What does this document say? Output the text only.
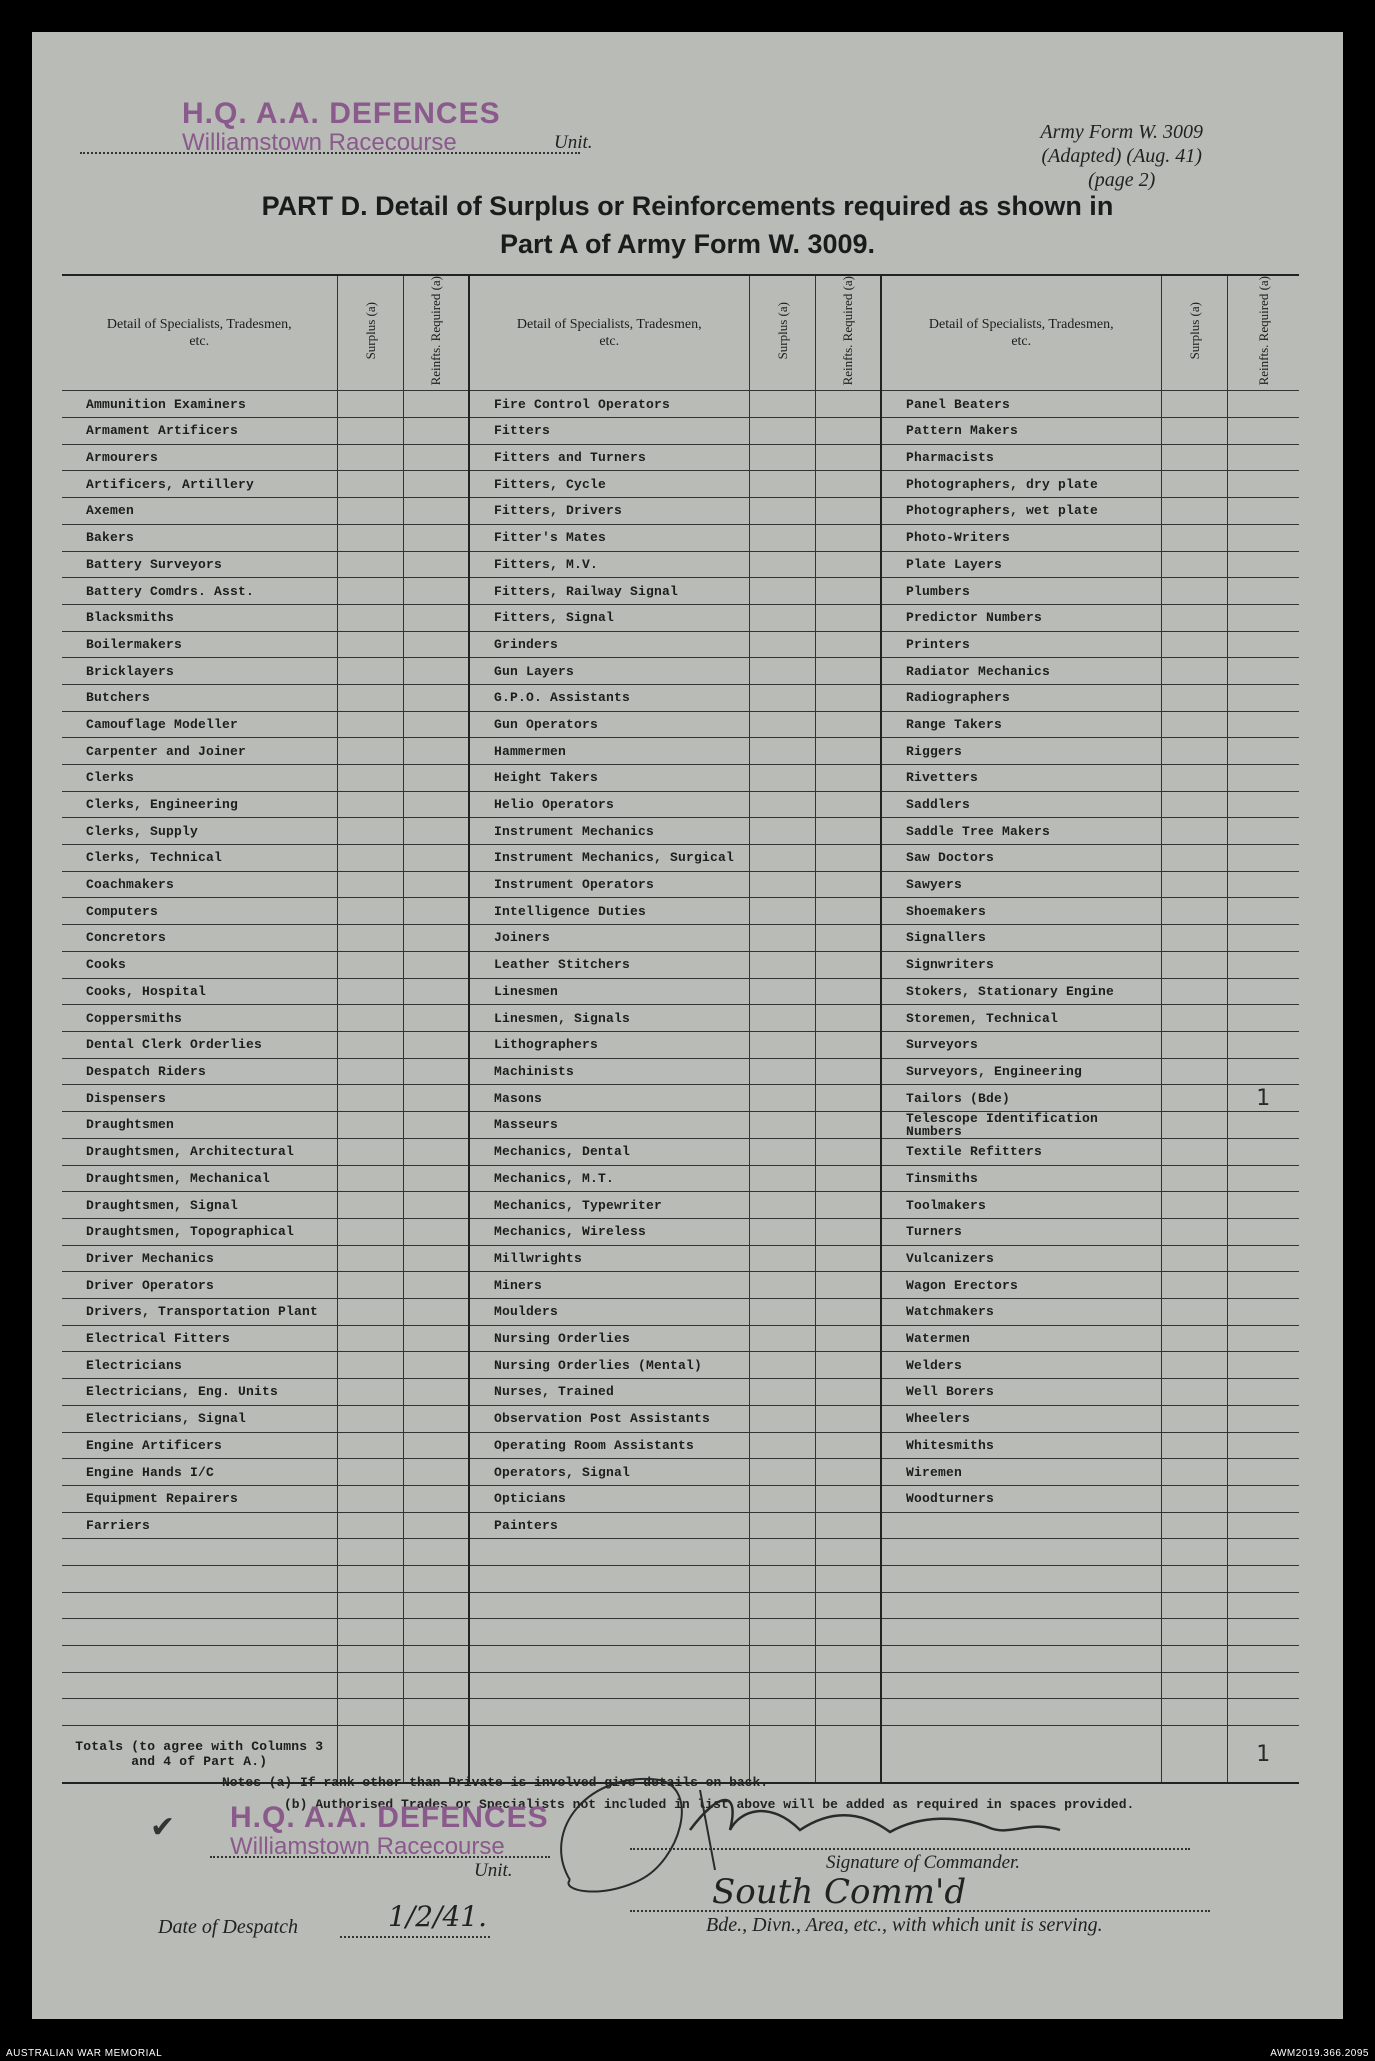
H.Q. A.A. DEFENCES
Williamstown Racecourse	Unit.	Army Form W. 3009
(Adapted) (Aug. 41)
(page 2)
PART D. Detail of Surplus or Reinforcements required as shown in
Part A of Army Form W. 3009.
Detail of Specialists, Tradesmen, etc.	Surplus (a)	Reinfts. Required (a)	Detail of Specialists, Tradesmen, etc.	Surplus (a)	Reinfts. Required (a)	Detail of Specialists, Tradesmen, etc.	Surplus (a)	Reinfts. Required (a)
Ammunition Examiners			Fire Control Operators			Panel Beaters		
Armament Artificers			Fitters			Pattern Makers		
Armourers			Fitters and Turners			Pharmacists		
Artificers, Artillery			Fitters, Cycle			Photographers, dry plate		
Axemen			Fitters, Drivers			Photographers, wet plate		
Bakers			Fitter's Mates			Photo-Writers		
Battery Surveyors			Fitters, M.V.			Plate Layers		
Battery Comdrs. Asst.			Fitters, Railway Signal			Plumbers		
Blacksmiths			Fitters, Signal			Predictor Numbers		
Boilermakers			Grinders			Printers		
Bricklayers			Gun Layers			Radiator Mechanics		
Butchers			G.P.O. Assistants			Radiographers		
Camouflage Modeller			Gun Operators			Range Takers		
Carpenter and Joiner			Hammermen			Riggers		
Clerks			Height Takers			Rivetters		
Clerks, Engineering			Helio Operators			Saddlers		
Clerks, Supply			Instrument Mechanics			Saddle Tree Makers		
Clerks, Technical			Instrument Mechanics, Surgical			Saw Doctors		
Coachmakers			Instrument Operators			Sawyers		
Computers			Intelligence Duties			Shoemakers		
Concretors			Joiners			Signallers		
Cooks			Leather Stitchers			Signwriters		
Cooks, Hospital			Linesmen			Stokers, Stationary Engine		
Coppersmiths			Linesmen, Signals			Storemen, Technical		
Dental Clerk Orderlies			Lithographers			Surveyors		
Despatch Riders			Machinists			Surveyors, Engineering		
Dispensers			Masons			Tailors (Bde)		1
Draughtsmen			Masseurs			Telescope Identification Numbers		
Draughtsmen, Architectural			Mechanics, Dental			Textile Refitters		
Draughtsmen, Mechanical			Mechanics, M.T.			Tinsmiths		
Draughtsmen, Signal			Mechanics, Typewriter			Toolmakers		
Draughtsmen, Topographical			Mechanics, Wireless			Turners		
Driver Mechanics			Millwrights			Vulcanizers		
Driver Operators			Miners			Wagon Erectors		
Drivers, Transportation Plant			Moulders			Watchmakers		
Electrical Fitters			Nursing Orderlies			Watermen		
Electricians			Nursing Orderlies (Mental)			Welders		
Electricians, Eng. Units			Nurses, Trained			Well Borers		
Electricians, Signal			Observation Post Assistants			Wheelers		
Engine Artificers			Operating Room Assistants			Whitesmiths		
Engine Hands I/C			Operators, Signal			Wiremen		
Equipment Repairers			Opticians			Woodturners		
Farriers			Painters					

Totals (to agree with Columns 3 and 4 of Part A.)								1
Notes—(a) If rank other than Private is involved give details on back.
(b) Authorised Trades or Specialists not included in list above will be added as required in spaces provided.
H.Q. A.A. DEFENCES
Williamstown Racecourse
✔
Unit.	Signature of Commander.
Date of Despatch	1/2/41.
South Comm'd
Bde., Divn., Area, etc., with which unit is serving.
AUSTRALIAN WAR MEMORIAL	AWM2019.366.2095
